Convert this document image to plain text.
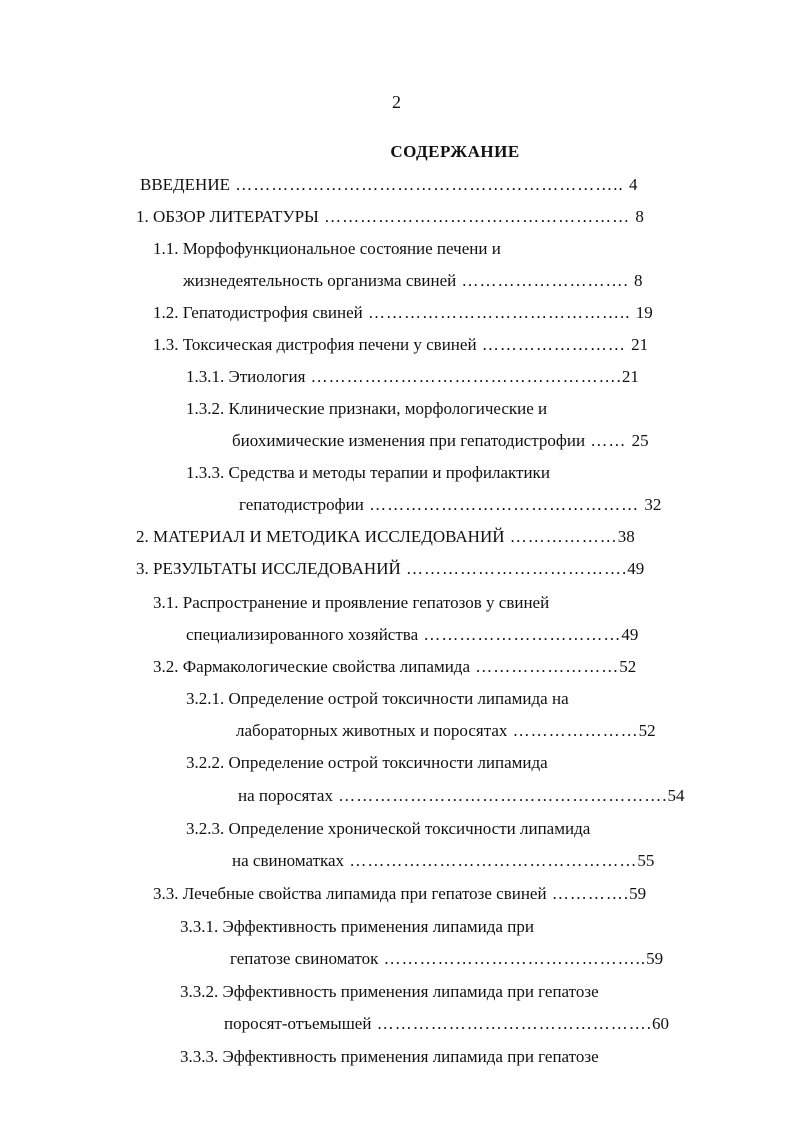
2
СОДЕРЖАНИЕ
ВВЕДЕНИЕ ……………………………………………………….. 4
1. ОБЗОР ЛИТЕРАТУРЫ …………………………………………… 8
1.1. Морфофункциональное состояние печени и
жизнедеятельность организма свиней ………………………. 8
1.2. Гепатодистрофия свиней …………………………………….. 19
1.3. Токсическая дистрофия печени у свиней …………………… 21
1.3.1. Этиология …………………………………………….21
1.3.2. Клинические признаки, морфологические и
биохимические изменения при гепатодистрофии …… 25
1.3.3. Средства и методы терапии и профилактики
гепатодистрофии ……………………………………… 32
2. МАТЕРИАЛ И МЕТОДИКА ИССЛЕДОВАНИЙ ………………38
3. РЕЗУЛЬТАТЫ ИССЛЕДОВАНИЙ ……………………………….49
3.1. Распространение и проявление гепатозов у свиней
специализированного хозяйства ……………………………49
3.2. Фармакологические свойства липамида ……………………52
3.2.1. Определение острой токсичности липамида на
лабораторных животных и поросятах …………………52
3.2.2. Определение острой токсичности липамида
на поросятах ……………………………………………….54
3.2.3. Определение хронической токсичности липамида
на свиноматках …………………………………………55
3.3. Лечебные свойства липамида при гепатозе свиней ………….59
3.3.1. Эффективность применения липамида при
гепатозе свиноматок ……………………………………..59
3.3.2. Эффективность применения липамида при гепатозе
поросят-отъемышей ……………………………………….60
3.3.3. Эффективность применения липамида при гепатозе
